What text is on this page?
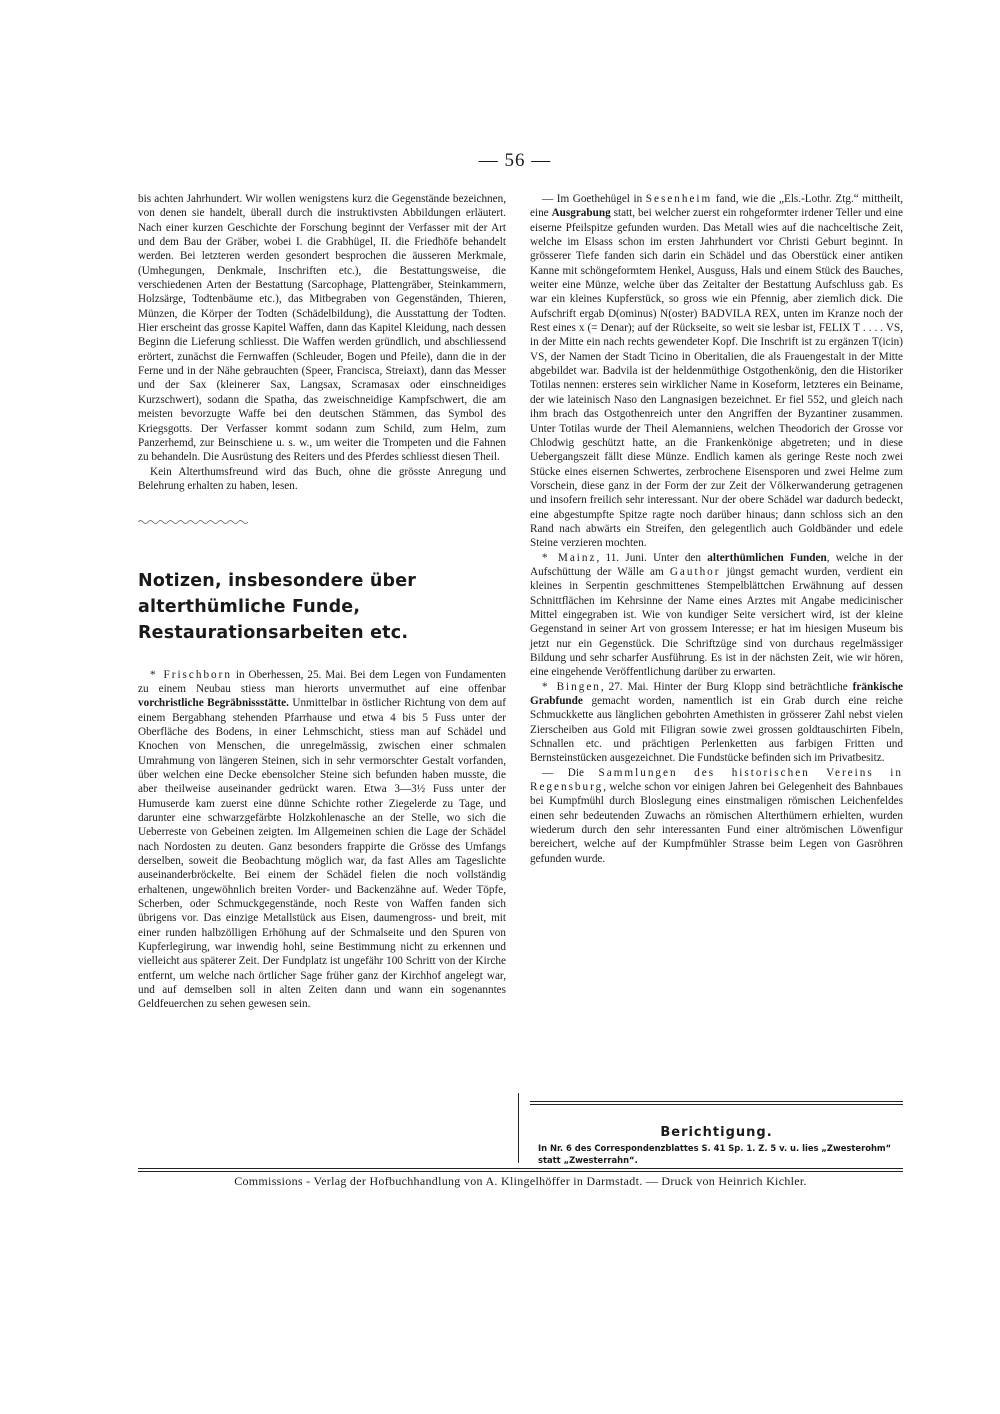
— 56 —

bis achten Jahrhundert. Wir wollen wenigstens kurz die Gegenstände bezeichnen, von denen sie handelt, überall durch die instruktivsten Abbildungen erläutert. Nach einer kurzen Geschichte der Forschung beginnt der Verfasser mit der Art und dem Bau der Gräber, wobei I. die Grabhügel, II. die Friedhöfe behandelt werden. Bei letzteren werden gesondert besprochen die äusseren Merkmale, (Umhegungen, Denkmale, Inschriften etc.), die Bestattungsweise, die verschiedenen Arten der Bestattung (Sarcophage, Plattengräber, Steinkammern, Holzsärge, Todtenbäume etc.), das Mitbegraben von Gegenständen, Thieren, Münzen, die Körper der Todten (Schädelbildung), die Ausstattung der Todten. Hier erscheint das grosse Kapitel Waffen, dann das Kapitel Kleidung, nach dessen Beginn die Lieferung schliesst. Die Waffen werden gründlich, und abschliessend erörtert, zunächst die Fernwaffen (Schleuder, Bogen und Pfeile), dann die in der Ferne und in der Nähe gebrauchten (Speer, Francisca, Streiaxt), dann das Messer und der Sax (kleinerer Sax, Langsax, Scramasax oder einschneidiges Kurzschwert), sodann die Spatha, das zweischneidige Kampfschwert, die am meisten bevorzugte Waffe bei den deutschen Stämmen, das Symbol des Kriegsgotts. Der Verfasser kommt sodann zum Schild, zum Helm, zum Panzerhemd, zur Beinschiene u. s. w., um weiter die Trompeten und die Fahnen zu behandeln. Die Ausrüstung des Reiters und des Pferdes schliesst diesen Theil.

Kein Alterthumsfreund wird das Buch, ohne die grösste Anregung und Belehrung erhalten zu haben, lesen.

Notizen, insbesondere über alterthümliche Funde, Restaurationsarbeiten etc.

* Frischborn in Oberhessen, 25. Mai. Bei dem Legen von Fundamenten zu einem Neubau stiess man hierorts unvermuthet auf eine offenbar vorchristliche Begräbnissstätte. Unmittelbar in östlicher Richtung von dem auf einem Bergabhang stehenden Pfarrhause und etwa 4 bis 5 Fuss unter der Oberfläche des Bodens, in einer Lehmschicht, stiess man auf Schädel und Knochen von Menschen, die unregelmässig, zwischen einer schmalen Umrahmung von längeren Steinen, sich in sehr vermorschter Gestalt vorfanden, über welchen eine Decke ebensolcher Steine sich befunden haben musste, die aber theilweise auseinander gedrückt waren. Etwa 3—3½ Fuss unter der Humuserde kam zuerst eine dünne Schichte rother Ziegelerde zu Tage, und darunter eine schwarzgefärbte Holzkohlenasche an der Stelle, wo sich die Ueberreste von Gebeinen zeigten. Im Allgemeinen schien die Lage der Schädel nach Nordosten zu deuten. Ganz besonders frappirte die Grösse des Umfangs derselben, soweit die Beobachtung möglich war, da fast Alles am Tageslichte auseinanderbröckelte. Bei einem der Schädel fielen die noch vollständig erhaltenen, ungewöhnlich breiten Vorder- und Backenzähne auf. Weder Töpfe, Scherben, oder Schmuckgegenstände, noch Reste von Waffen fanden sich übrigens vor. Das einzige Metallstück aus Eisen, daumengross- und breit, mit einer runden halbzölligen Erhöhung auf der Schmalseite und den Spuren von Kupferlegirung, war inwendig hohl, seine Bestimmung nicht zu erkennen und vielleicht aus späterer Zeit. Der Fundplatz ist ungefähr 100 Schritt von der Kirche entfernt, um welche nach örtlicher Sage früher ganz der Kirchhof angelegt war, und auf demselben soll in alten Zeiten dann und wann ein sogenanntes Geldfeuerchen zu sehen gewesen sein.

— Im Goethehügel in Sesenheim fand, wie die „Els.-Lothr. Ztg.“ mittheilt, eine Ausgrabung statt, bei welcher zuerst ein rohgeformter irdener Teller und eine eiserne Pfeilspitze gefunden wurden. Das Metall wies auf die nachceltische Zeit, welche im Elsass schon im ersten Jahrhundert vor Christi Geburt beginnt. In grösserer Tiefe fanden sich darin ein Schädel und das Oberstück einer antiken Kanne mit schöngeformtem Henkel, Ausguss, Hals und einem Stück des Bauches, weiter eine Münze, welche über das Zeitalter der Bestattung Aufschluss gab. Es war ein kleines Kupferstück, so gross wie ein Pfennig, aber ziemlich dick. Die Aufschrift ergab D(ominus) N(oster) BADVILA REX, unten im Kranze noch der Rest eines x (= Denar); auf der Rückseite, so weit sie lesbar ist, FELIX T . . . . VS, in der Mitte ein nach rechts gewendeter Kopf. Die Inschrift ist zu ergänzen T(icin) VS, der Namen der Stadt Ticino in Oberitalien, die als Frauengestalt in der Mitte abgebildet war. Badvila ist der heldenmüthige Ostgothenkönig, den die Historiker Totilas nennen: ersteres sein wirklicher Name in Koseform, letzteres ein Beiname, der wie lateinisch Naso den Langnasigen bezeichnet. Er fiel 552, und gleich nach ihm brach das Ostgothenreich unter den Angriffen der Byzantiner zusammen. Unter Totilas wurde der Theil Alemanniens, welchen Theodorich der Grosse vor Chlodwig geschützt hatte, an die Frankenkönige abgetreten; und in diese Uebergangszeit fällt diese Münze. Endlich kamen als geringe Reste noch zwei Stücke eines eisernen Schwertes, zerbrochene Eisensporen und zwei Helme zum Vorschein, diese ganz in der Form der zur Zeit der Völkerwanderung getragenen und insofern freilich sehr interessant. Nur der obere Schädel war dadurch bedeckt, eine abgestumpfte Spitze ragte noch darüber hinaus; dann schloss sich an den Rand nach abwärts ein Streifen, den gelegentlich auch Goldbänder und edele Steine verzieren mochten.

* Mainz, 11. Juni. Unter den alterthümlichen Funden, welche in der Aufschüttung der Wälle am Gauthor jüngst gemacht wurden, verdient ein kleines in Serpentin geschmittenes Stempelblättchen Erwähnung auf dessen Schnittflächen im Kehrsinne der Name eines Arztes mit Angabe medicinischer Mittel eingegraben ist. Wie von kundiger Seite versichert wird, ist der kleine Gegenstand in seiner Art von grossem Interesse; er hat im hiesigen Museum bis jetzt nur ein Gegenstück. Die Schriftzüge sind von durchaus regelmässiger Bildung und sehr scharfer Ausführung. Es ist in der nächsten Zeit, wie wir hören, eine eingehende Veröffentlichung darüber zu erwarten.

* Bingen, 27. Mai. Hinter der Burg Klopp sind beträchtliche fränkische Grabfunde gemacht worden, namentlich ist ein Grab durch eine reiche Schmuckkette aus länglichen gebohrten Amethisten in grösserer Zahl nebst vielen Zierscheiben aus Gold mit Filigran sowie zwei grossen goldtauschirten Fibeln, Schnallen etc. und prächtigen Perlenketten aus farbigen Fritten und Bernsteinstücken ausgezeichnet. Die Fundstücke befinden sich im Privatbesitz.

— Die Sammlungen des historischen Vereins in Regensburg, welche schon vor einigen Jahren bei Gelegenheit des Bahnbaues bei Kumpfmühl durch Bloslegung eines einstmaligen römischen Leichenfeldes einen sehr bedeutenden Zuwachs an römischen Alterthümern erhielten, wurden wiederum durch den sehr interessanten Fund einer altrömischen Löwenfigur bereichert, welche auf der Kumpfmühler Strasse beim Legen von Gasröhren gefunden wurde.

Berichtigung.
In Nr. 6 des Correspondenzblattes S. 41 Sp. 1. Z. 5 v. u. lies „Zwesterohm“ statt „Zwesterrahn“.
Commissions - Verlag der Hofbuchhandlung von A. Klingelhöffer in Darmstadt. — Druck von Heinrich Kichler.
